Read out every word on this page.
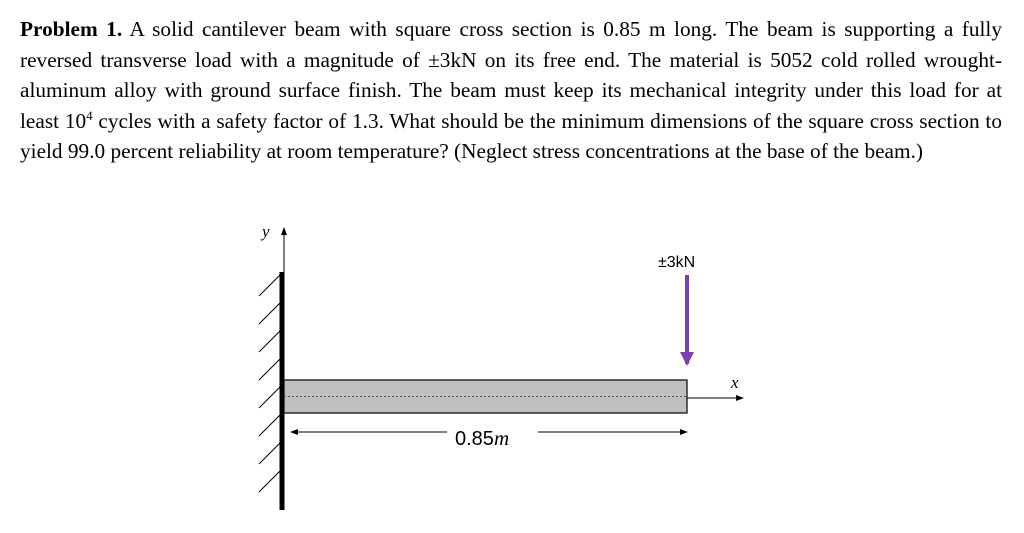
Problem 1. A solid cantilever beam with square cross section is 0.85 m long. The beam is supporting a fully reversed transverse load with a magnitude of ±3kN on its free end. The material is 5052 cold rolled wrought-aluminum alloy with ground surface finish. The beam must keep its mechanical integrity under this load for at least $10^4$ cycles with a safety factor of 1.3. What should be the minimum dimensions of the square cross section to yield 99.0 percent reliability at room temperature? (Neglect stress concentrations at the base of the beam.)
y
x
±3kN
0.85m
